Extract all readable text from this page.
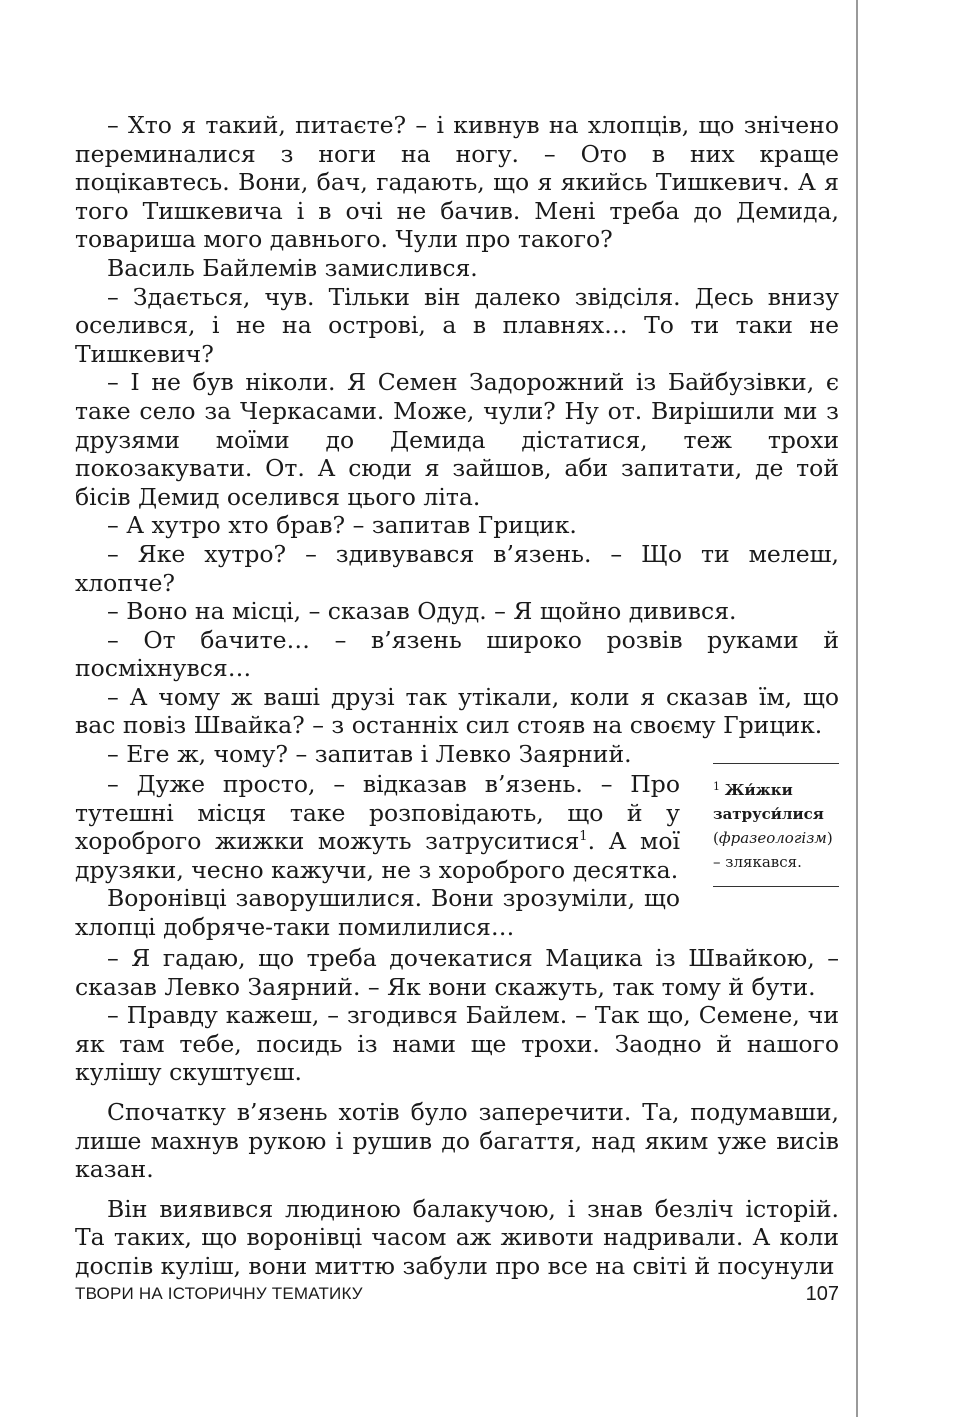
– Хто я такий, питаєте? – і кивнув на хлопців, що знічено переминалися з ноги на ногу. – Ото в них краще поцікавтесь. Вони, бач, гадають, що я якийсь Тишкевич. А я того Тишкевича і в очі не бачив. Мені треба до Демида, товариша мого давнього. Чули про такого?

Василь Байлемів замислився.

– Здається, чув. Тільки він далеко звідсіля. Десь внизу оселився, і не на острові, а в плавнях… То ти таки не Тишкевич?

– І не був ніколи. Я Семен Задорожний із Байбузівки, є таке село за Черкасами. Може, чули? Ну от. Вирішили ми з друзями моїми до Демида дістатися, теж трохи покозакувати. От. А сюди я зайшов, аби запитати, де той бісів Демид оселився цього літа.

– А хутро хто брав? – запитав Грицик.

– Яке хутро? – здивувався в’язень. – Що ти мелеш, хлопче?

– Воно на місці, – сказав Одуд. – Я щойно дивився.

– От бачите… – в’язень широко розвів руками й посміхнувся…

– А чому ж ваші друзі так утікали, коли я сказав їм, що вас повіз Швайка? – з останніх сил стояв на своєму Грицик.

– Еге ж, чому? – запитав і Левко Заярний.

– Дуже просто, – відказав в’язень. – Про тутешні місця таке розповідають, що й у хороброго жижки можуть затруситися$^1$. А мої друзяки, чесно кажучи, не з хороброго десятка.

Воронівці заворушилися. Вони зрозуміли, що хлопці добряче-таки помилилися…

$^1$ Жи́жки затруси́лися (фразеологізм) – злякався.

– Я гадаю, що треба дочекатися Мацика із Швайкою, – сказав Левко Заярний. – Як вони скажуть, так тому й бути.

– Правду кажеш, – згодився Байлем. – Так що, Семене, чи як там тебе, посидь із нами ще трохи. Заодно й нашого кулішу скуштуєш.

Спочатку в’язень хотів було заперечити. Та, подумавши, лише махнув рукою і рушив до багаття, над яким уже висів казан.

Він виявився людиною балакучою, і знав безліч історій. Та таких, що воронівці часом аж животи надривали. А коли доспів куліш, вони миттю забули про все на світі й посунули

ТВОРИ НА ІСТОРИЧНУ ТЕМАТИКУ	107
